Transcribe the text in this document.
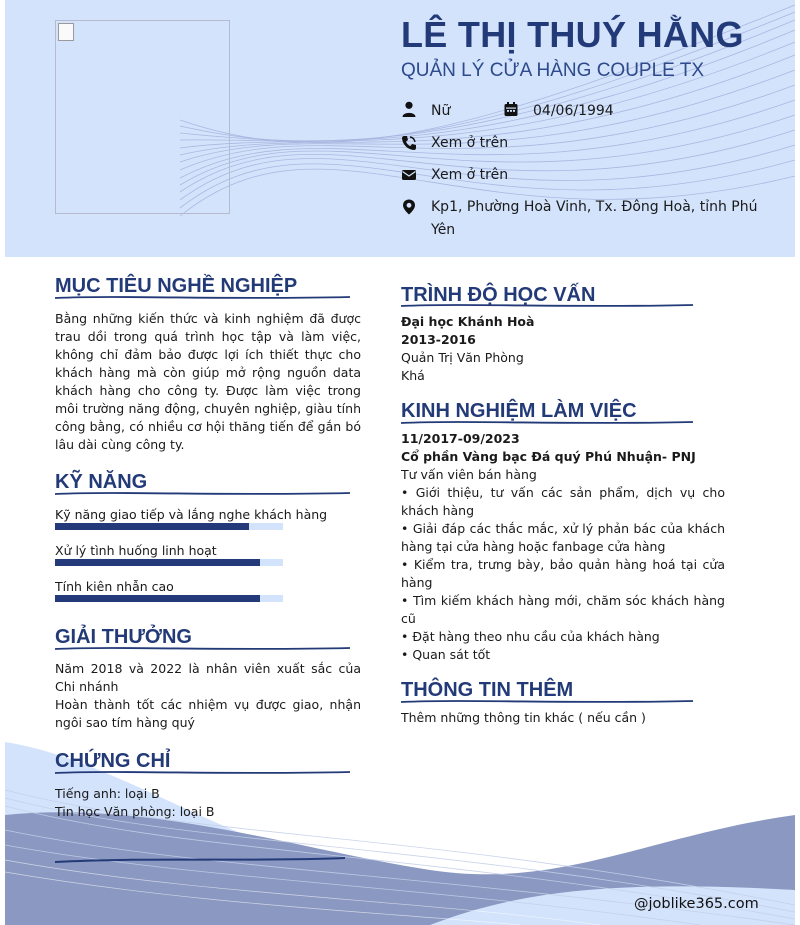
LÊ THỊ THUÝ HẰNG
QUẢN LÝ CỬA HÀNG COUPLE TX
Nữ	04/06/1994
Xem ở trên
Xem ở trên
Kp1, Phường Hoà Vinh, Tx. Đông Hoà, tỉnh Phú Yên
MỤC TIÊU NGHỀ NGHIỆP
Bằng những kiến thức và kinh nghiệm đã được trau dồi trong quá trình học tập và làm việc, không chỉ đảm bảo được lợi ích thiết thực cho khách hàng mà còn giúp mở rộng nguồn data khách hàng cho công ty. Được làm việc trong môi trường năng động, chuyên nghiệp, giàu tính công bằng, có nhiều cơ hội thăng tiến để gắn bó lâu dài cùng công ty.
KỸ NĂNG
Kỹ năng giao tiếp và lắng nghe khách hàng
Xử lý tình huống linh hoạt
Tính kiên nhẫn cao
GIẢI THƯỞNG
Năm 2018 và 2022 là nhân viên xuất sắc của Chi nhánh
Hoàn thành tốt các nhiệm vụ được giao, nhận ngôi sao tím hàng quý
CHỨNG CHỈ
Tiếng anh: loại B
Tin học Văn phòng: loại B
TRÌNH ĐỘ HỌC VẤN
Đại học Khánh Hoà
2013-2016
Quản Trị Văn Phòng
Khá
KINH NGHIỆM LÀM VIỆC
11/2017-09/2023
Cổ phần Vàng bạc Đá quý Phú Nhuận- PNJ
Tư vấn viên bán hàng
• Giới thiệu, tư vấn các sản phẩm, dịch vụ cho khách hàng
• Giải đáp các thắc mắc, xử lý phản bác của khách hàng tại cửa hàng hoặc fanbage cửa hàng
• Kiểm tra, trưng bày, bảo quản hàng hoá tại cửa hàng
• Tìm kiếm khách hàng mới, chăm sóc khách hàng cũ
• Đặt hàng theo nhu cầu của khách hàng
• Quan sát tốt
THÔNG TIN THÊM
Thêm những thông tin khác ( nếu cần )
@joblike365.com
